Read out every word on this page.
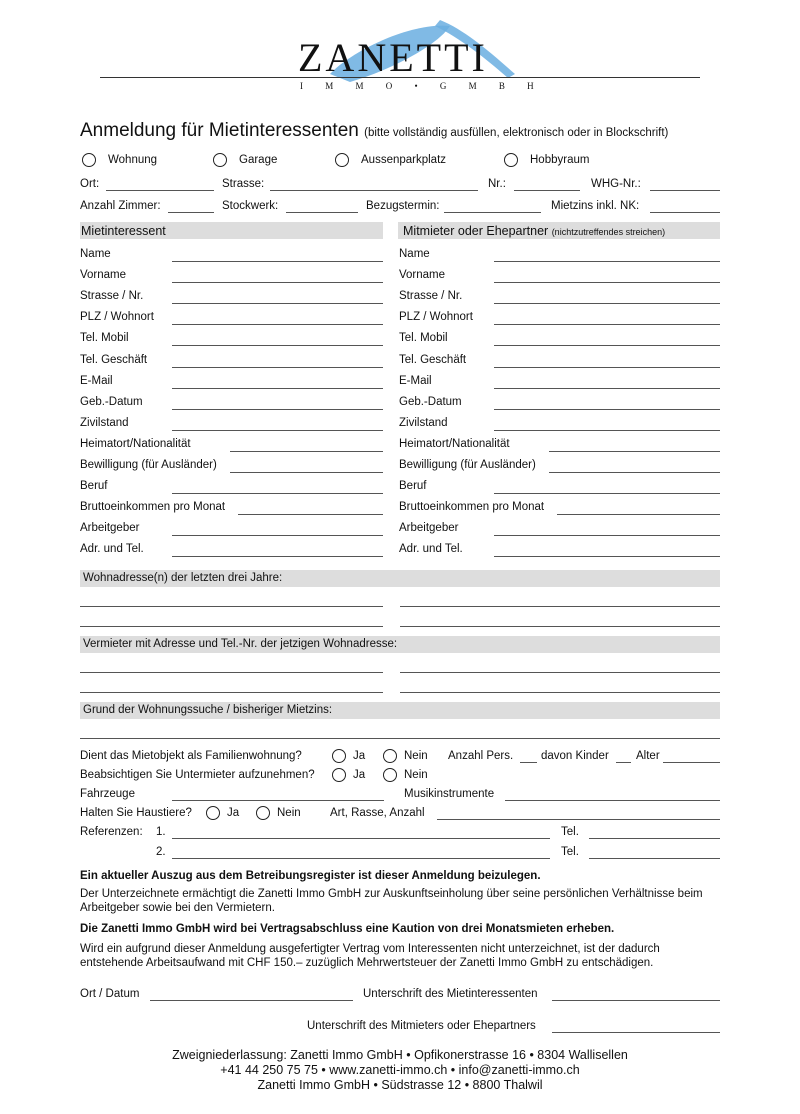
ZANETTI
I M M O • G M B H
Anmeldung für Mietinteressenten (bitte vollständig ausfüllen, elektronisch oder in Blockschrift)
Wohnung	Garage	Aussenparkplatz	Hobbyraum
Ort:	Strasse:	Nr.:	WHG-Nr.:
Anzahl Zimmer:	Stockwerk:	Bezugstermin:	Mietzins inkl. NK:
Mietinteressent	Mitmieter oder Ehepartner (nichtzutreffendes streichen)
Name	Name
Vorname	Vorname
Strasse / Nr.	Strasse / Nr.
PLZ / Wohnort	PLZ / Wohnort
Tel. Mobil	Tel. Mobil
Tel. Geschäft	Tel. Geschäft
E-Mail	E-Mail
Geb.-Datum	Geb.-Datum
Zivilstand	Zivilstand
Heimatort/Nationalität	Heimatort/Nationalität
Bewilligung (für Ausländer)	Bewilligung (für Ausländer)
Beruf	Beruf
Bruttoeinkommen pro Monat	Bruttoeinkommen pro Monat
Arbeitgeber	Arbeitgeber
Adr. und Tel.	Adr. und Tel.
Wohnadresse(n) der letzten drei Jahre:
Vermieter mit Adresse und Tel.-Nr. der jetzigen Wohnadresse:
Grund der Wohnungssuche / bisheriger Mietzins:
Dient das Mietobjekt als Familienwohnung?	Ja	Nein Anzahl Pers. davon Kinder Alter
Beabsichtigen Sie Untermieter aufzunehmen?	Ja	Nein
Fahrzeuge	Musikinstrumente
Halten Sie Haustiere?	Ja	Nein	Art, Rasse, Anzahl
Referenzen: 1.	Tel.
2.	Tel.
Ein aktueller Auszug aus dem Betreibungsregister ist dieser Anmeldung beizulegen.
Der Unterzeichnete ermächtigt die Zanetti Immo GmbH zur Auskunftseinholung über seine persönlichen Verhältnisse beim Arbeitgeber sowie bei den Vermietern.
Die Zanetti Immo GmbH wird bei Vertragsabschluss eine Kaution von drei Monatsmieten erheben.
Wird ein aufgrund dieser Anmeldung ausgefertigter Vertrag vom Interessenten nicht unterzeichnet, ist der dadurch entstehende Arbeitsaufwand mit CHF 150.– zuzüglich Mehrwertsteuer der Zanetti Immo GmbH zu entschädigen.
Ort / Datum	Unterschrift des Mietinteressenten
Unterschrift des Mitmieters oder Ehepartners
Zweigniederlassung: Zanetti Immo GmbH • Opfikonerstrasse 16 • 8304 Wallisellen
+41 44 250 75 75 • www.zanetti-immo.ch • info@zanetti-immo.ch
Zanetti Immo GmbH • Südstrasse 12 • 8800 Thalwil
